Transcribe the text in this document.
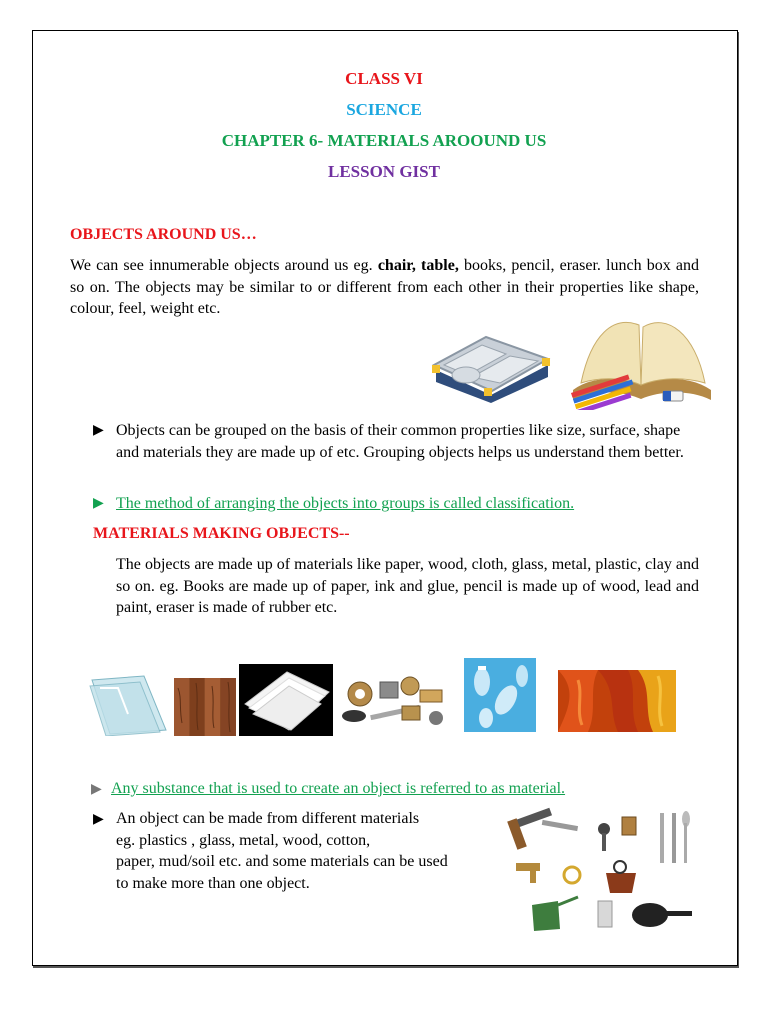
CLASS VI
SCIENCE
CHAPTER 6- MATERIALS AROOUND US
LESSON GIST
OBJECTS AROUND US…
We can see innumerable objects around us eg. chair, table, books, pencil, eraser. lunch box and so on. The objects may be similar to or different from each other in their properties like shape, colour, feel, weight etc.
▶ Objects can be grouped on the basis of their common properties like size, surface, shape and materials they are made up of etc. Grouping objects helps us understand them better.
▶ The method of arranging the objects into groups is called classification.
MATERIALS MAKING OBJECTS--
The objects are made up of materials like paper, wood, cloth, glass, metal, plastic, clay and so on. eg. Books are made up of paper, ink and glue, pencil is made up of wood, lead and paint, eraser is made of rubber etc.
▶ Any substance that is used to create an object is referred to as material.
▶ An object can be made from different materials
eg. plastics , glass, metal, wood, cotton,
paper, mud/soil etc. and some materials can be used
to make more than one object.
